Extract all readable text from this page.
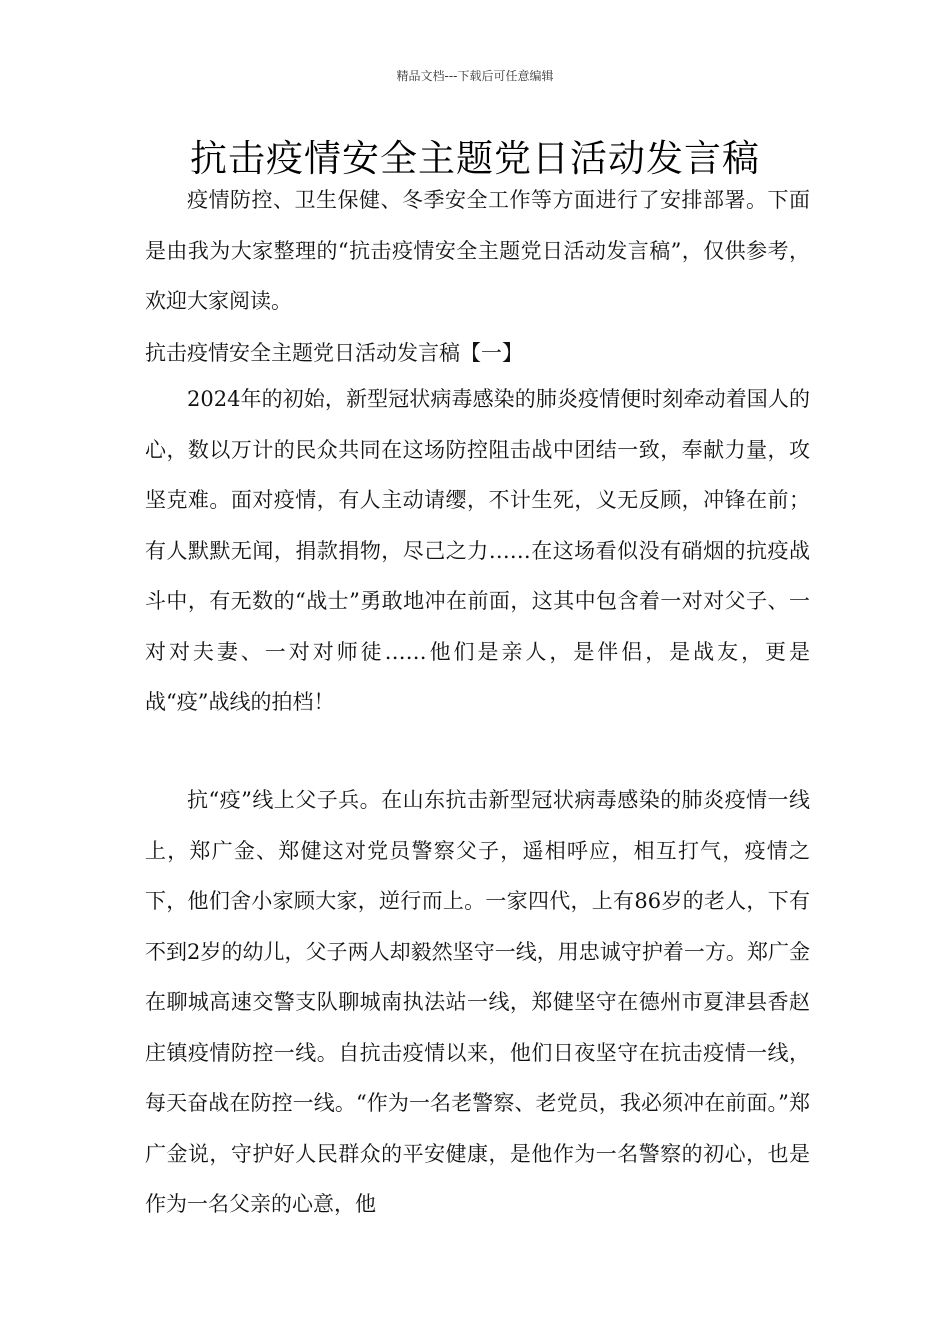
精品文档---下载后可任意编辑
抗击疫情安全主题党日活动发言稿

疫情防控、卫生保健、冬季安全工作等方面进行了安排部署。下面是由我为大家整理的“抗击疫情安全主题党日活动发言稿”，仅供参考，欢迎大家阅读。

抗击疫情安全主题党日活动发言稿【一】

2024年的初始，新型冠状病毒感染的肺炎疫情便时刻牵动着国人的心，数以万计的民众共同在这场防控阻击战中团结一致，奉献力量，攻坚克难。面对疫情，有人主动请缨，不计生死，义无反顾，冲锋在前；有人默默无闻，捐款捐物，尽己之力……在这场看似没有硝烟的抗疫战斗中，有无数的“战士”勇敢地冲在前面，这其中包含着一对对父子、一对对夫妻、一对对师徒……他们是亲人，是伴侣，是战友，更是战“疫”战线的拍档！

抗“疫”线上父子兵。在山东抗击新型冠状病毒感染的肺炎疫情一线上，郑广金、郑健这对党员警察父子，遥相呼应，相互打气，疫情之下，他们舍小家顾大家，逆行而上。一家四代，上有86岁的老人，下有不到2岁的幼儿，父子两人却毅然坚守一线，用忠诚守护着一方。郑广金在聊城高速交警支队聊城南执法站一线，郑健坚守在德州市夏津县香赵庄镇疫情防控一线。自抗击疫情以来，他们日夜坚守在抗击疫情一线，每天奋战在防控一线。“作为一名老警察、老党员，我必须冲在前面。”郑广金说，守护好人民群众的平安健康，是他作为一名警察的初心，也是作为一名父亲的心意，他
